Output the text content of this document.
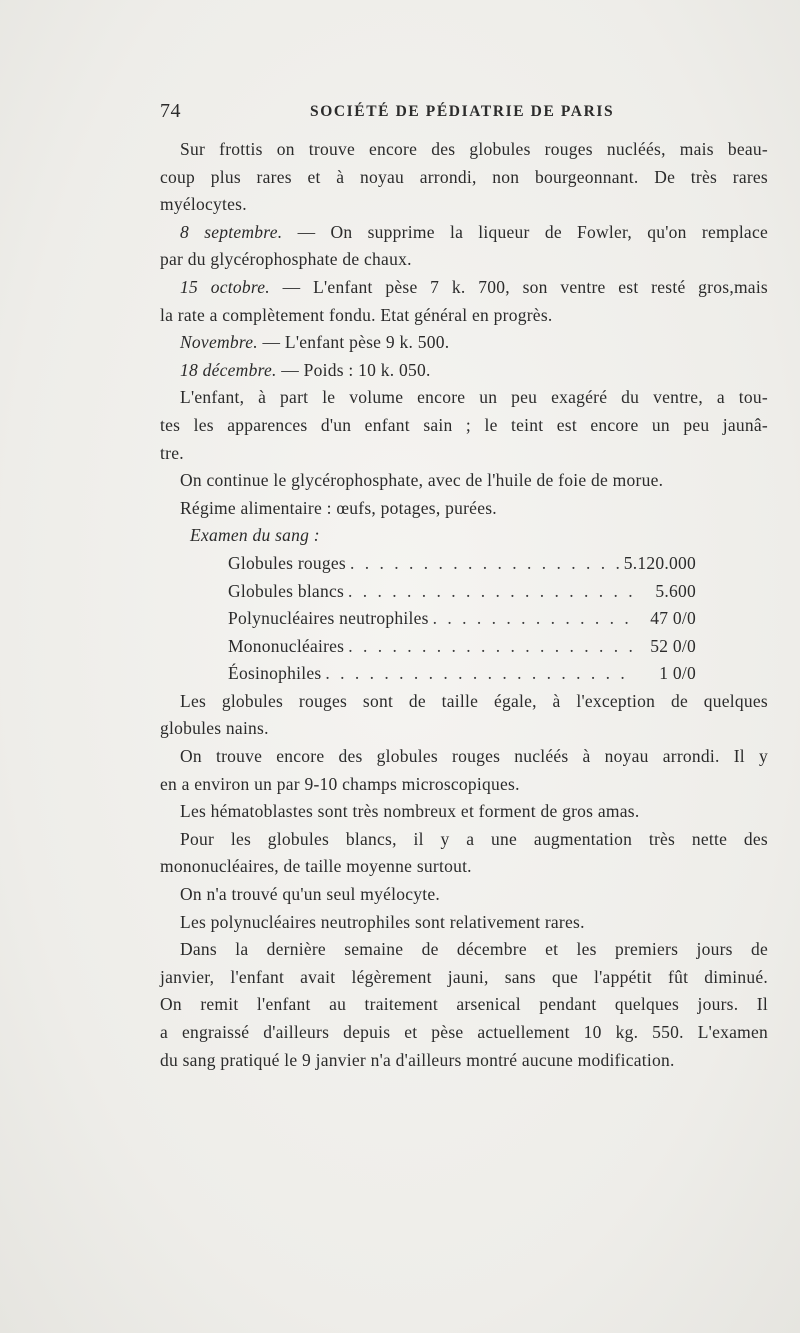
74	SOCIÉTÉ DE PÉDIATRIE DE PARIS
Sur frottis on trouve encore des globules rouges nucléés, mais beau-
coup plus rares et à noyau arrondi, non bourgeonnant. De très rares
myélocytes.
8 septembre. — On supprime la liqueur de Fowler, qu'on remplace
par du glycérophosphate de chaux.
15 octobre. — L'enfant pèse 7 k. 700, son ventre est resté gros,mais
la rate a complètement fondu. Etat général en progrès.
Novembre. — L'enfant pèse 9 k. 500.
18 décembre. — Poids : 10 k. 050.
L'enfant, à part le volume encore un peu exagéré du ventre, a tou-
tes les apparences d'un enfant sain ; le teint est encore un peu jaunâ-
tre.
On continue le glycérophosphate, avec de l'huile de foie de morue.
Régime alimentaire : œufs, potages, purées.
Examen du sang :
Globules rouges . . .	5.120.000
Globules blancs . . .	5.600
Polynucléaires neutrophiles . . .	47 0/0
Mononucléaires . . .	52 0/0
Éosinophiles . . .	1 0/0
Les globules rouges sont de taille égale, à l'exception de quelques
globules nains.
On trouve encore des globules rouges nucléés à noyau arrondi. Il y
en a environ un par 9-10 champs microscopiques.
Les hématoblastes sont très nombreux et forment de gros amas.
Pour les globules blancs, il y a une augmentation très nette des
mononucléaires, de taille moyenne surtout.
On n'a trouvé qu'un seul myélocyte.
Les polynucléaires neutrophiles sont relativement rares.
Dans la dernière semaine de décembre et les premiers jours de
janvier, l'enfant avait légèrement jauni, sans que l'appétit fût diminué.
On remit l'enfant au traitement arsenical pendant quelques jours. Il
a engraissé d'ailleurs depuis et pèse actuellement 10 kg. 550. L'examen
du sang pratiqué le 9 janvier n'a d'ailleurs montré aucune modification.
